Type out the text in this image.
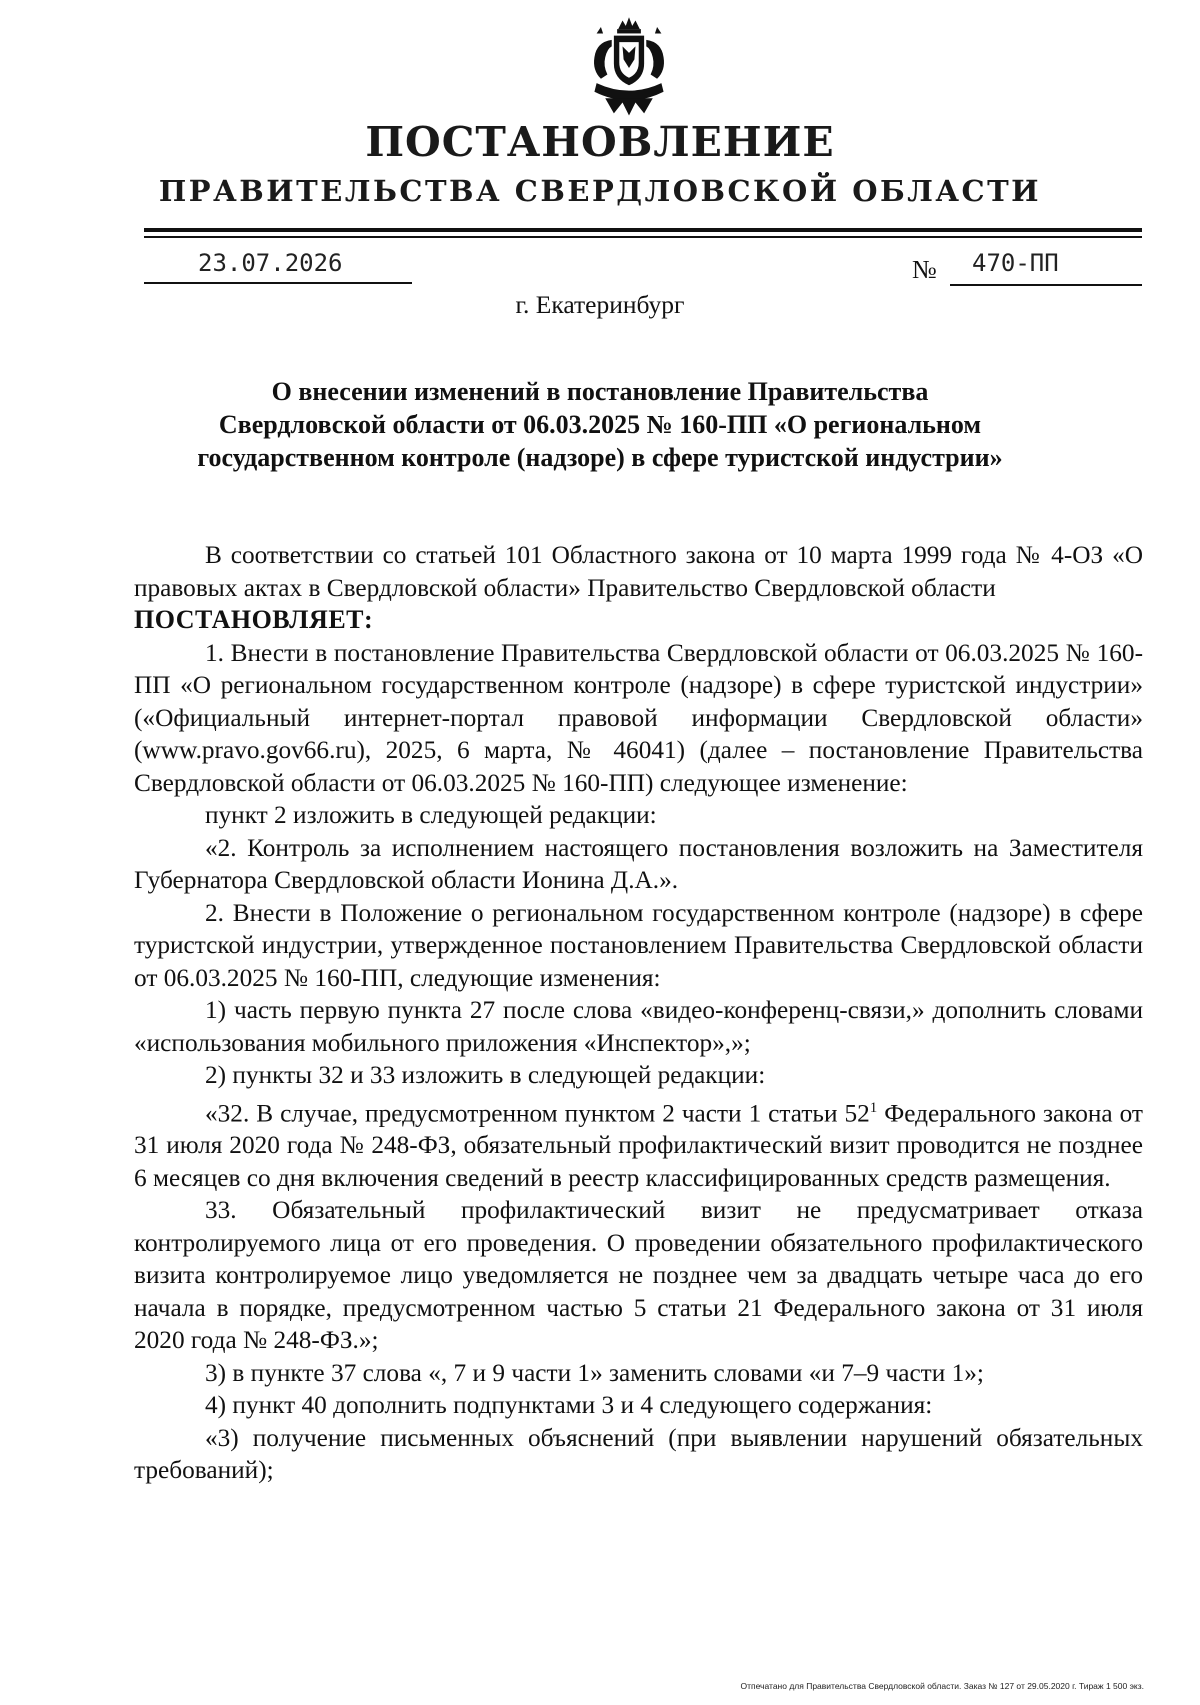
ПОСТАНОВЛЕНИЕ
ПРАВИТЕЛЬСТВА СВЕРДЛОВСКОЙ ОБЛАСТИ
23.07.2026	№ 470-ПП
г. Екатеринбург
О внесении изменений в постановление Правительства
Свердловской области от 06.03.2025 № 160-ПП «О региональном
государственном контроле (надзоре) в сфере туристской индустрии»

В соответствии со статьей 101 Областного закона от 10 марта 1999 года № 4-ОЗ «О правовых актах в Свердловской области» Правительство Свердловской области

ПОСТАНОВЛЯЕТ:

1. Внести в постановление Правительства Свердловской области от 06.03.2025 № 160-ПП «О региональном государственном контроле (надзоре) в сфере туристской индустрии» («Официальный интернет-портал правовой информации Свердловской области» (www.pravo.gov66.ru), 2025, 6 марта, № 46041) (далее – постановление Правительства Свердловской области от 06.03.2025 № 160-ПП) следующее изменение:

пункт 2 изложить в следующей редакции:

«2. Контроль за исполнением настоящего постановления возложить на Заместителя Губернатора Свердловской области Ионина Д.А.».

2. Внести в Положение о региональном государственном контроле (надзоре) в сфере туристской индустрии, утвержденное постановлением Правительства Свердловской области от 06.03.2025 № 160-ПП, следующие изменения:

1) часть первую пункта 27 после слова «видео-конференц-связи,» дополнить словами «использования мобильного приложения «Инспектор»,»;

2) пункты 32 и 33 изложить в следующей редакции:

«32. В случае, предусмотренном пунктом 2 части 1 статьи $52^1$ Федерального закона от 31 июля 2020 года № 248-ФЗ, обязательный профилактический визит проводится не позднее 6 месяцев со дня включения сведений в реестр классифицированных средств размещения.

33. Обязательный профилактический визит не предусматривает отказа контролируемого лица от его проведения. О проведении обязательного профилактического визита контролируемое лицо уведомляется не позднее чем за двадцать четыре часа до его начала в порядке, предусмотренном частью 5 статьи 21 Федерального закона от 31 июля 2020 года № 248-ФЗ.»;

3) в пункте 37 слова «, 7 и 9 части 1» заменить словами «и 7–9 части 1»;

4) пункт 40 дополнить подпунктами 3 и 4 следующего содержания:

«3) получение письменных объяснений (при выявлении нарушений обязательных требований);

Отпечатано для Правительства Свердловской области. Заказ № 127 от 29.05.2020 г. Тираж 1 500 экз.
